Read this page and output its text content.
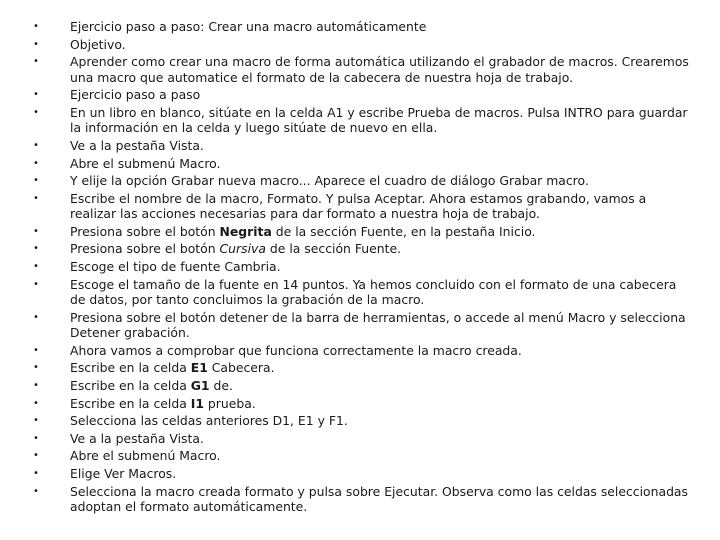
•	Ejercicio paso a paso: Crear una macro automáticamente
•	Objetivo.
•	Aprender como crear una macro de forma automática utilizando el grabador de macros. Crearemos una macro que automatice el formato de la cabecera de nuestra hoja de trabajo.
•	Ejercicio paso a paso
•	En un libro en blanco, sitúate en la celda A1 y escribe Prueba de macros. Pulsa INTRO para guardar la información en la celda y luego sitúate de nuevo en ella.
•	Ve a la pestaña Vista.
•	Abre el submenú Macro.
•	Y elije la opción Grabar nueva macro... Aparece el cuadro de diálogo Grabar macro.
•	Escribe el nombre de la macro, Formato. Y pulsa Aceptar. Ahora estamos grabando, vamos a realizar las acciones necesarias para dar formato a nuestra hoja de trabajo.
•	Presiona sobre el botón Negrita de la sección Fuente, en la pestaña Inicio.
•	Presiona sobre el botón Cursiva de la sección Fuente.
•	Escoge el tipo de fuente Cambria.
•	Escoge el tamaño de la fuente en 14 puntos. Ya hemos concluido con el formato de una cabecera de datos, por tanto concluimos la grabación de la macro.
•	Presiona sobre el botón detener de la barra de herramientas, o accede al menú Macro y selecciona Detener grabación.
•	Ahora vamos a comprobar que funciona correctamente la macro creada.
•	Escribe en la celda E1 Cabecera.
•	Escribe en la celda G1 de.
•	Escribe en la celda I1 prueba.
•	Selecciona las celdas anteriores D1, E1 y F1.
•	Ve a la pestaña Vista.
•	Abre el submenú Macro.
•	Elige Ver Macros.
•	Selecciona la macro creada formato y pulsa sobre Ejecutar. Observa como las celdas seleccionadas adoptan el formato automáticamente.
